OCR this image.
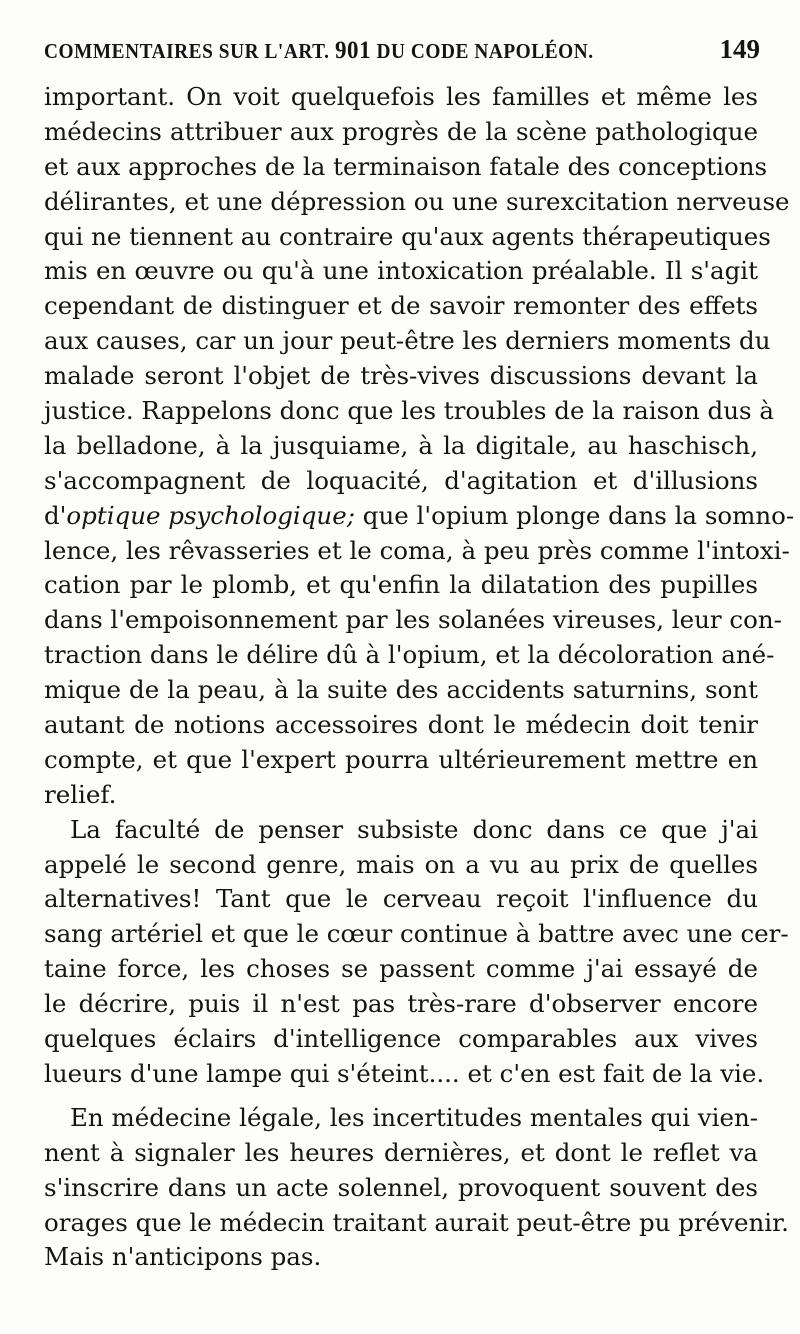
COMMENTAIRES SUR L'ART. 901 DU CODE NAPOLÉON.	149
important. On voit quelquefois les familles et même les
médecins attribuer aux progrès de la scène pathologique
et aux approches de la terminaison fatale des conceptions
délirantes, et une dépression ou une surexcitation nerveuse
qui ne tiennent au contraire qu'aux agents thérapeutiques
mis en œuvre ou qu'à une intoxication préalable. Il s'agit
cependant de distinguer et de savoir remonter des effets
aux causes, car un jour peut-être les derniers moments du
malade seront l'objet de très-vives discussions devant la
justice. Rappelons donc que les troubles de la raison dus à
la belladone, à la jusquiame, à la digitale, au haschisch,
s'accompagnent de loquacité, d'agitation et d'illusions
d'optique psychologique; que l'opium plonge dans la somno-
lence, les rêvasseries et le coma, à peu près comme l'intoxi-
cation par le plomb, et qu'enfin la dilatation des pupilles
dans l'empoisonnement par les solanées vireuses, leur con-
traction dans le délire dû à l'opium, et la décoloration ané-
mique de la peau, à la suite des accidents saturnins, sont
autant de notions accessoires dont le médecin doit tenir
compte, et que l'expert pourra ultérieurement mettre en
relief.
La faculté de penser subsiste donc dans ce que j'ai
appelé le second genre, mais on a vu au prix de quelles
alternatives! Tant que le cerveau reçoit l'influence du
sang artériel et que le cœur continue à battre avec une cer-
taine force, les choses se passent comme j'ai essayé de
le décrire, puis il n'est pas très-rare d'observer encore
quelques éclairs d'intelligence comparables aux vives
lueurs d'une lampe qui s'éteint.... et c'en est fait de la vie.
En médecine légale, les incertitudes mentales qui vien-
nent à signaler les heures dernières, et dont le reflet va
s'inscrire dans un acte solennel, provoquent souvent des
orages que le médecin traitant aurait peut-être pu prévenir.
Mais n'anticipons pas.
